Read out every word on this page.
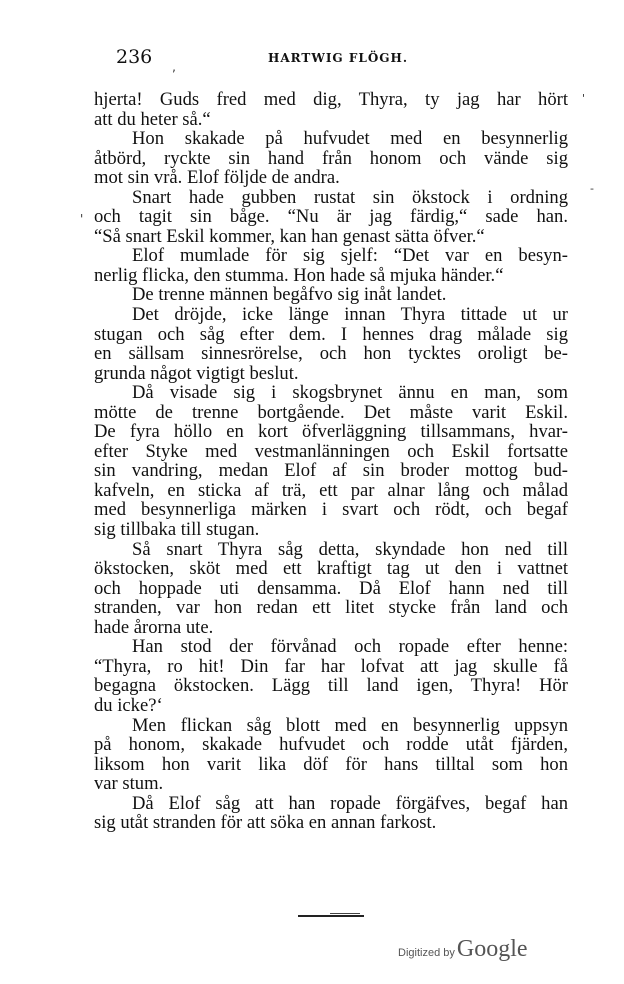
236	HARTWIG FLÖGH.
‚
'
-
'
hjerta! Guds fred med dig, Thyra, ty jag har hört
att du heter så.“
Hon skakade på hufvudet med en besynnerlig
åtbörd, ryckte sin hand från honom och vände sig
mot sin vrå. Elof följde de andra.
Snart hade gubben rustat sin ökstock i ordning
och tagit sin båge. “Nu är jag färdig,“ sade han.
“Så snart Eskil kommer, kan han genast sätta öfver.“
Elof mumlade för sig sjelf: “Det var en besyn-
nerlig flicka, den stumma. Hon hade så mjuka händer.“
De trenne männen begåfvo sig inåt landet.
Det dröjde, icke länge innan Thyra tittade ut ur
stugan och såg efter dem. I hennes drag målade sig
en sällsam sinnesrörelse, och hon tycktes oroligt be-
grunda något vigtigt beslut.
Då visade sig i skogsbrynet ännu en man, som
mötte de trenne bortgående. Det måste varit Eskil.
De fyra höllo en kort öfverläggning tillsammans, hvar-
efter Styke med vestmanlänningen och Eskil fortsatte
sin vandring, medan Elof af sin broder mottog bud-
kafveln, en sticka af trä, ett par alnar lång och målad
med besynnerliga märken i svart och rödt, och begaf
sig tillbaka till stugan.
Så snart Thyra såg detta, skyndade hon ned till
ökstocken, sköt med ett kraftigt tag ut den i vattnet
och hoppade uti densamma. Då Elof hann ned till
stranden, var hon redan ett litet stycke från land och
hade årorna ute.
Han stod der förvånad och ropade efter henne:
“Thyra, ro hit! Din far har lofvat att jag skulle få
begagna ökstocken. Lägg till land igen, Thyra! Hör
du icke?‘
Men flickan såg blott med en besynnerlig uppsyn
på honom, skakade hufvudet och rodde utåt fjärden,
liksom hon varit lika döf för hans tilltal som hon
var stum.
Då Elof såg att han ropade förgäfves, begaf han
sig utåt stranden för att söka en annan farkost.
Digitized by Google
